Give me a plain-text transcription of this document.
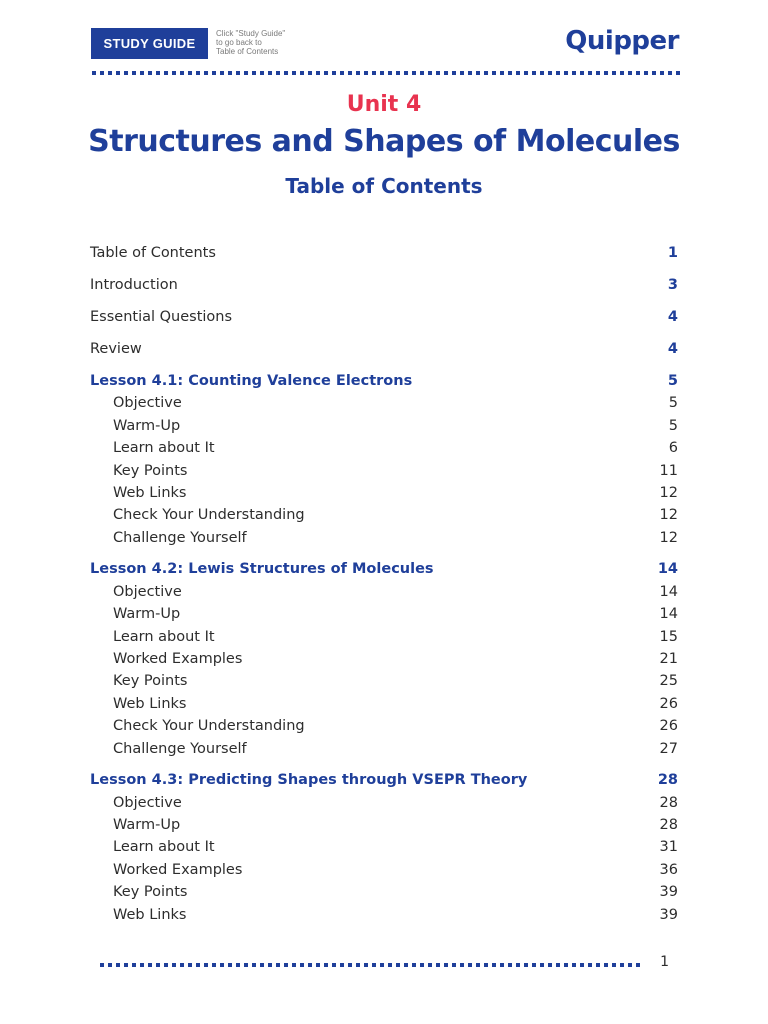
STUDY GUIDE
Click "Study Guide"
to go back to
Table of Contents	Quipper
Unit 4
Structures and Shapes of Molecules
Table of Contents
Table of Contents	1
Introduction	3
Essential Questions	4
Review	4
Lesson 4.1: Counting Valence Electrons	5
Objective	5
Warm-Up	5
Learn about It	6
Key Points	11
Web Links	12
Check Your Understanding	12
Challenge Yourself	12
Lesson 4.2: Lewis Structures of Molecules	14
Objective	14
Warm-Up	14
Learn about It	15
Worked Examples	21
Key Points	25
Web Links	26
Check Your Understanding	26
Challenge Yourself	27
Lesson 4.3: Predicting Shapes through VSEPR Theory	28
Objective	28
Warm-Up	28
Learn about It	31
Worked Examples	36
Key Points	39
Web Links	39
1
